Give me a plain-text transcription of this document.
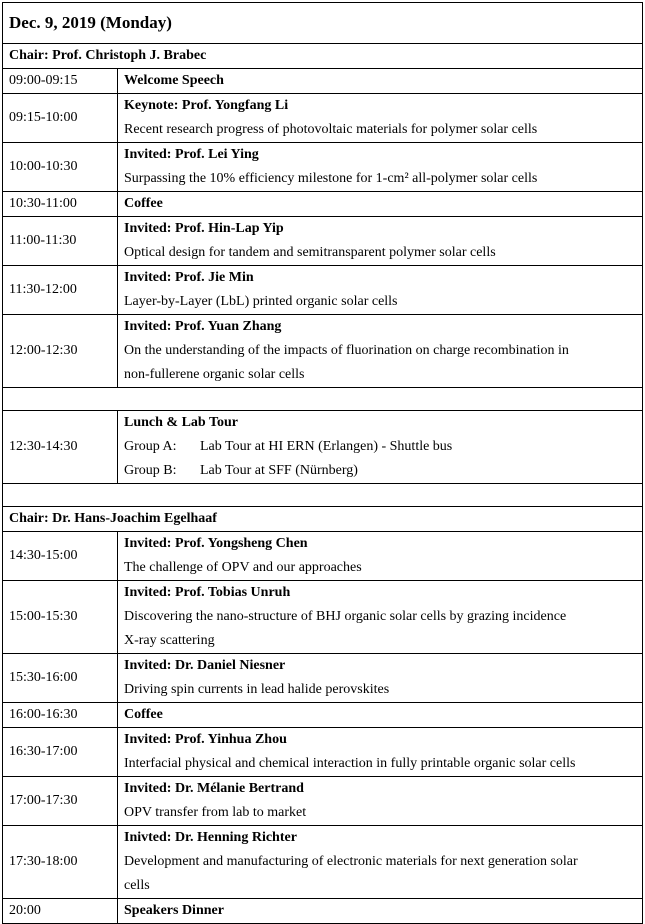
Dec. 9, 2019 (Monday)	
Chair: Prof. Christoph J. Brabec	
09:00-09:15	Welcome Speech
09:15-10:00	Keynote: Prof. Yongfang Li
Recent research progress of photovoltaic materials for polymer solar cells

10:00-10:30	Invited: Prof. Lei Ying
Surpassing the 10% efficiency milestone for 1-cm² all-polymer solar cells

10:30-11:00	Coffee
11:00-11:30	Invited: Prof. Hin-Lap Yip
Optical design for tandem and semitransparent polymer solar cells

11:30-12:00	Invited: Prof. Jie Min
Layer-by-Layer (LbL) printed organic solar cells

12:00-12:30	Invited: Prof. Yuan Zhang
On the understanding of the impacts of fluorination on charge recombination in
non-fullerene organic solar cells

12:30-14:30	Lunch & Lab Tour
Group A: Lab Tour at HI ERN (Erlangen) - Shuttle bus
Group B: Lab Tour at SFF (Nürnberg)

Chair: Dr. Hans-Joachim Egelhaaf	
14:30-15:00	Invited: Prof. Yongsheng Chen
The challenge of OPV and our approaches

15:00-15:30	Invited: Prof. Tobias Unruh
Discovering the nano-structure of BHJ organic solar cells by grazing incidence
X-ray scattering

15:30-16:00	Invited: Dr. Daniel Niesner
Driving spin currents in lead halide perovskites

16:00-16:30	Coffee
16:30-17:00	Invited: Prof. Yinhua Zhou
Interfacial physical and chemical interaction in fully printable organic solar cells

17:00-17:30	Invited: Dr. Mélanie Bertrand
OPV transfer from lab to market

17:30-18:00	Inivted: Dr. Henning Richter
Development and manufacturing of electronic materials for next generation solar
cells

20:00	Speakers Dinner
